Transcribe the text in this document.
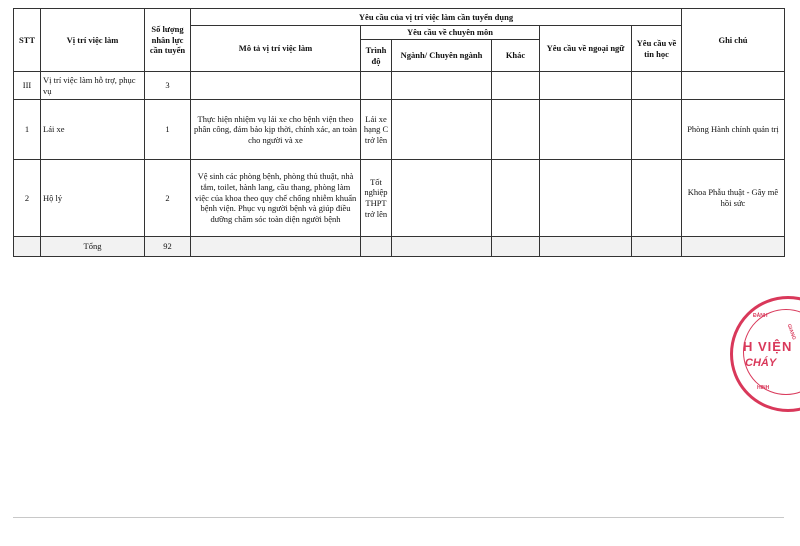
STT	Vị trí việc làm	Số lượng nhân lực cần tuyển	Yêu cầu của vị trí việc làm cần tuyển dụng						Ghi chú
			Mô tả vị trí việc làm	Yêu cầu về chuyên môn			Yêu cầu về ngoại ngữ	Yêu cầu về tin học	
				Trình độ	Ngành/ Chuyên ngành	Khác			
III	Vị trí việc làm hỗ trợ, phục vụ	3							
1	Lái xe	1	Thực hiện nhiệm vụ lái xe cho bệnh viện theo phân công, đảm bảo kịp thời, chính xác, an toàn cho người và xe	Lái xe hạng C trở lên					Phòng Hành chính quản trị
2	Hộ lý	2	Vệ sinh các phòng bệnh, phòng thủ thuật, nhà tắm, toilet, hành lang, cầu thang, phòng làm việc của khoa theo quy chế chống nhiễm khuẩn bệnh viện. Phục vụ người bệnh và giúp điều dưỡng chăm sóc toàn diện người bệnh	Tốt nghiệp THPT trở lên					Khoa Phẫu thuật - Gây mê hồi sức
	Tổng	92							
ĐẢNH
GIANG
HINH
H VIỆN
CHÁY
